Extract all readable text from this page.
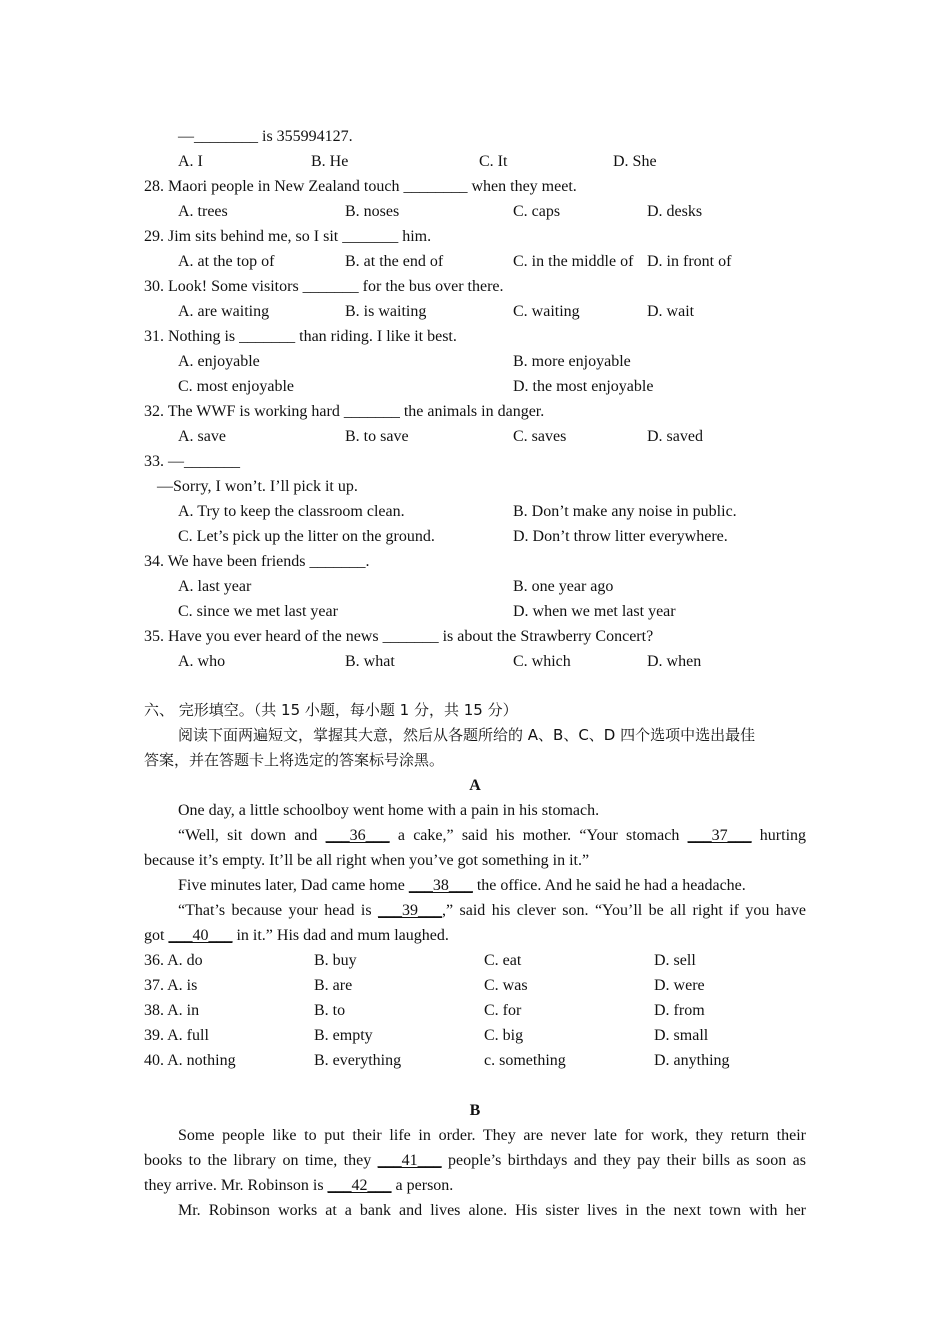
—________ is 355994127.
A. I	B. He	C. It	D. She
28. Maori people in New Zealand touch ________ when they meet.
A. trees	B. noses	C. caps	D. desks
29. Jim sits behind me, so I sit _______ him.
A. at the top of	B. at the end of	C. in the middle of D. in front of
30. Look! Some visitors _______ for the bus over there.
A. are waiting	B. is waiting	C. waiting	D. wait
31. Nothing is _______ than riding. I like it best.
A. enjoyable	B. more enjoyable
C. most enjoyable	D. the most enjoyable
32. The WWF is working hard _______ the animals in danger.
A. save	B. to save	C. saves	D. saved
33. —_______
—Sorry, I won’t. I’ll pick it up.
A. Try to keep the classroom clean.	B. Don’t make any noise in public.
C. Let’s pick up the litter on the ground.	D. Don’t throw litter everywhere.
34. We have been friends _______.
A. last year	B. one year ago
C. since we met last year	D. when we met last year
35. Have you ever heard of the news _______ is about the Strawberry Concert?
A. who	B. what	C. which	D. when
六、 完形填空。（共 15 小题，每小题 1 分，共 15 分）
阅读下面两遍短文，掌握其大意，然后从各题所给的 A、B、C、D 四个选项中选出最佳
答案，并在答题卡上将选定的答案标号涂黑。
A
One day, a little schoolboy went home with a pain in his stomach.
“Well, sit down and ___36___ a cake,” said his mother. “Your stomach ___37___ hurting
because it’s empty. It’ll be all right when you’ve got something in it.”
Five minutes later, Dad came home ___38___ the office. And he said he had a headache.
“That’s because your head is ___39___,” said his clever son. “You’ll be all right if you have
got ___40___ in it.” His dad and mum laughed.
36. A. do	B. buy	C. eat	D. sell
37. A. is	B. are	C. was	D. were
38. A. in	B. to	C. for	D. from
39. A. full	B. empty	C. big	D. small
40. A. nothing	B. everything	c. something	D. anything
B
Some people like to put their life in order. They are never late for work, they return their
books to the library on time, they ___41___ people’s birthdays and they pay their bills as soon as
they arrive. Mr. Robinson is ___42___ a person.
Mr. Robinson works at a bank and lives alone. His sister lives in the next town with her
